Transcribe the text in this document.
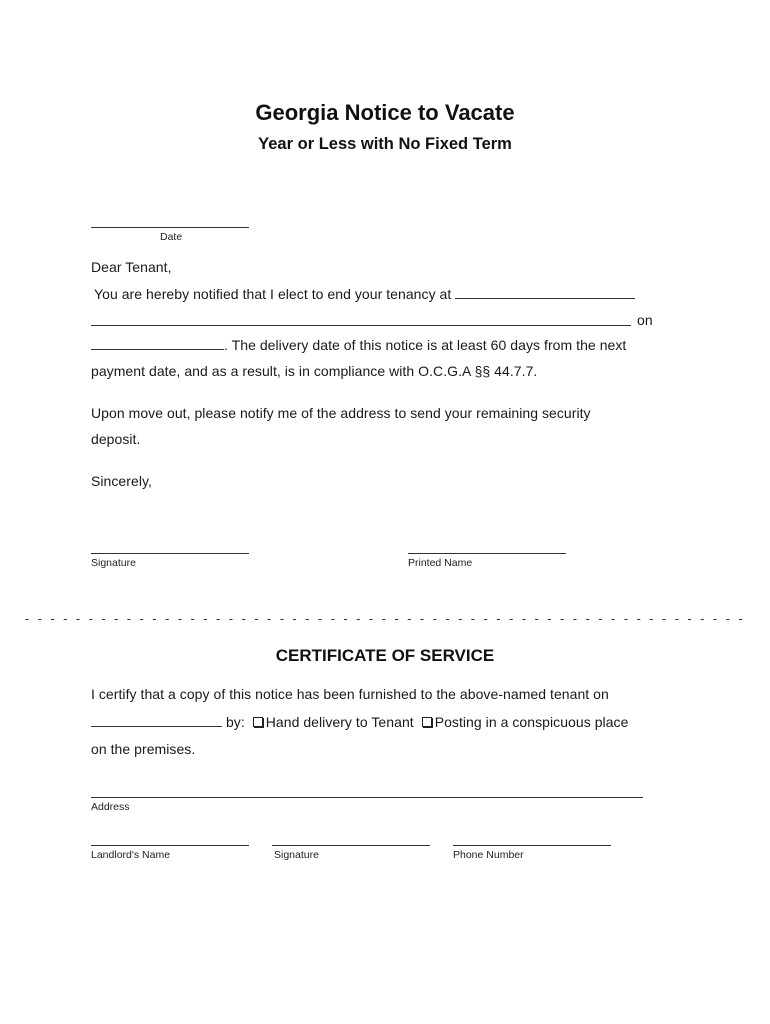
Georgia Notice to Vacate
Year or Less with No Fixed Term
Date
Dear Tenant,
You are hereby notified that I elect to end your tenancy at
on
. The delivery date of this notice is at least 60 days from the next
payment date, and as a result, is in compliance with O.C.G.A §§ 44.7.7.
Upon move out, please notify me of the address to send your remaining security
deposit.
Sincerely,
Signature	Printed Name
- - - - - - - - - - - - - - - - - - - - - - - - - - - - - - - - - - - - - - - - - - - - - - - - - - - - - - - - -
CERTIFICATE OF SERVICE
I certify that a copy of this notice has been furnished to the above-named tenant on
by: Hand delivery to Tenant Posting in a conspicuous place
on the premises.
Address
Landlord's Name	Signature	Phone Number
